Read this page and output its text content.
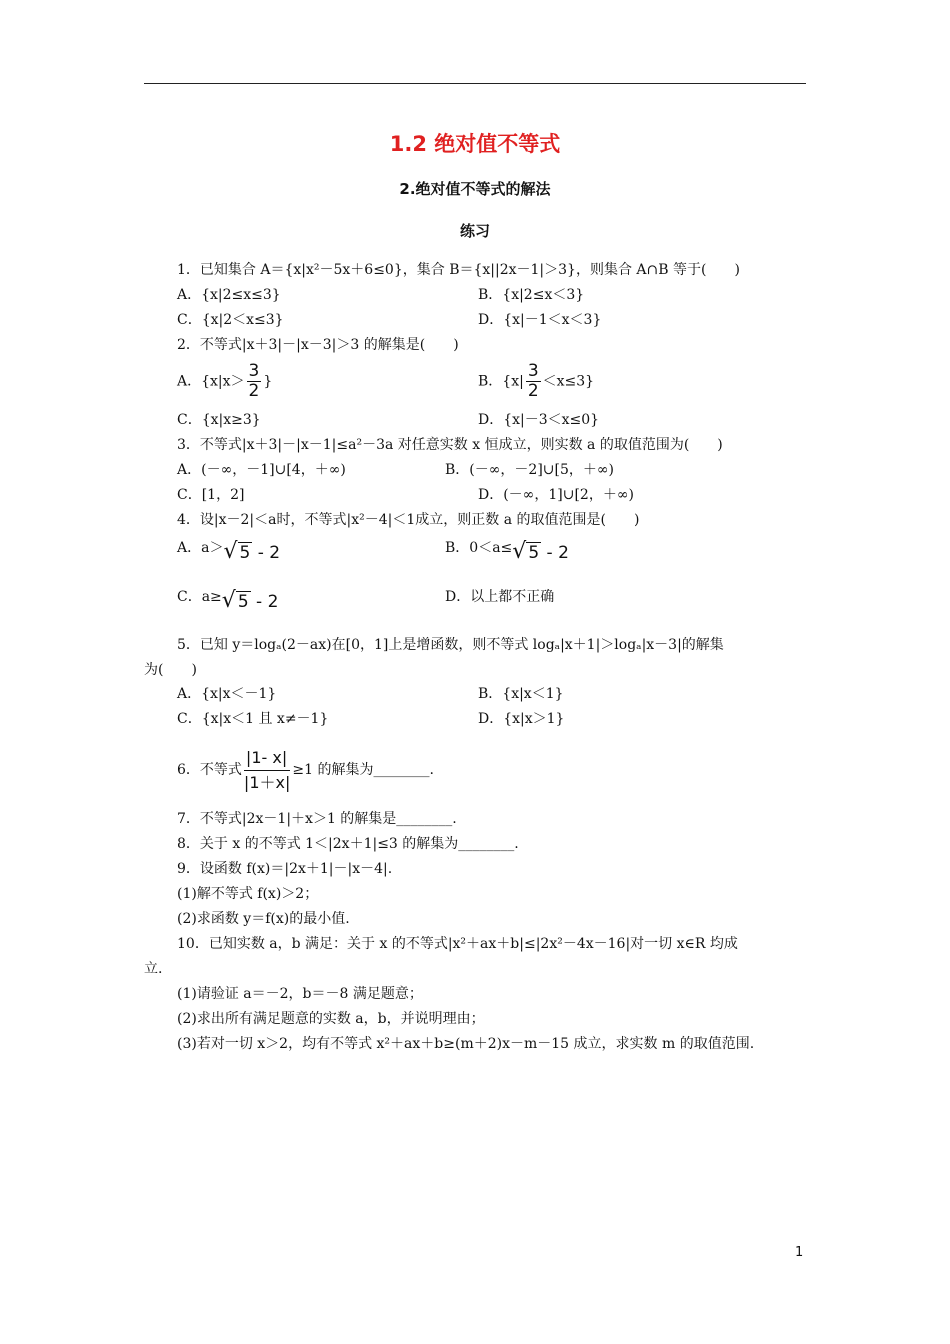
1.2 绝对值不等式
2.绝对值不等式的解法
练习
1．已知集合 A＝{x|x²－5x＋6≤0}，集合 B＝{x||2x－1|＞3}，则集合 A∩B 等于(　　)
A．{x|2≤x≤3}	B．{x|2≤x＜3}
C．{x|2＜x≤3}	D．{x|－1＜x＜3}
2．不等式|x＋3|－|x－3|＞3 的解集是(　　)
A．{$x|x> \frac{3}{2}$ }	B．$\{x| \frac{3}{2} <x\le 3\}$
C．{x|x≥3}	D．{x|－3＜x≤0}
3．不等式|x＋3|－|x－1|≤a²－3a 对任意实数 x 恒成立，则实数 a 的取值范围为(　　)
A．(－∞，－1]∪[4，＋∞)	B．(－∞，－2]∪[5，＋∞)
C．[1，2]	D．(－∞，1]∪[2，＋∞)
4．设|x－2|＜a时，不等式|x²－4|＜1成立，则正数 a 的取值范围是(　　)
A．a＞√ 5 - 2	B．0＜a≤√ 5 - 2
C．a≥√ 5 - 2	D．以上都不正确
5．已知 y＝logₐ(2－ax)在[0，1]上是增函数，则不等式 logₐ|x＋1|＞logₐ|x－3|的解集
为(　　)
A．{x|x＜－1}	B．{x|x＜1}
C．{x|x＜1 且 x≠－1}	D．{x|x＞1}
6．不等式 $\frac{|1- x|}{|1+x|} \ge 1$ 的解集为________.
7．不等式|2x－1|＋x＞1 的解集是________.
8．关于 x 的不等式 1＜|2x＋1|≤3 的解集为________.
9．设函数 f(x)＝|2x＋1|－|x－4|.
(1)解不等式 f(x)＞2；
(2)求函数 y＝f(x)的最小值.
10．已知实数 a，b 满足：关于 x 的不等式|x²＋ax＋b|≤|2x²－4x－16|对一切 x∈R 均成
立.
(1)请验证 a＝－2，b＝－8 满足题意；
(2)求出所有满足题意的实数 a，b，并说明理由；
(3)若对一切 x＞2，均有不等式 x²＋ax＋b≥(m＋2)x－m－15 成立，求实数 m 的取值范围.
1
